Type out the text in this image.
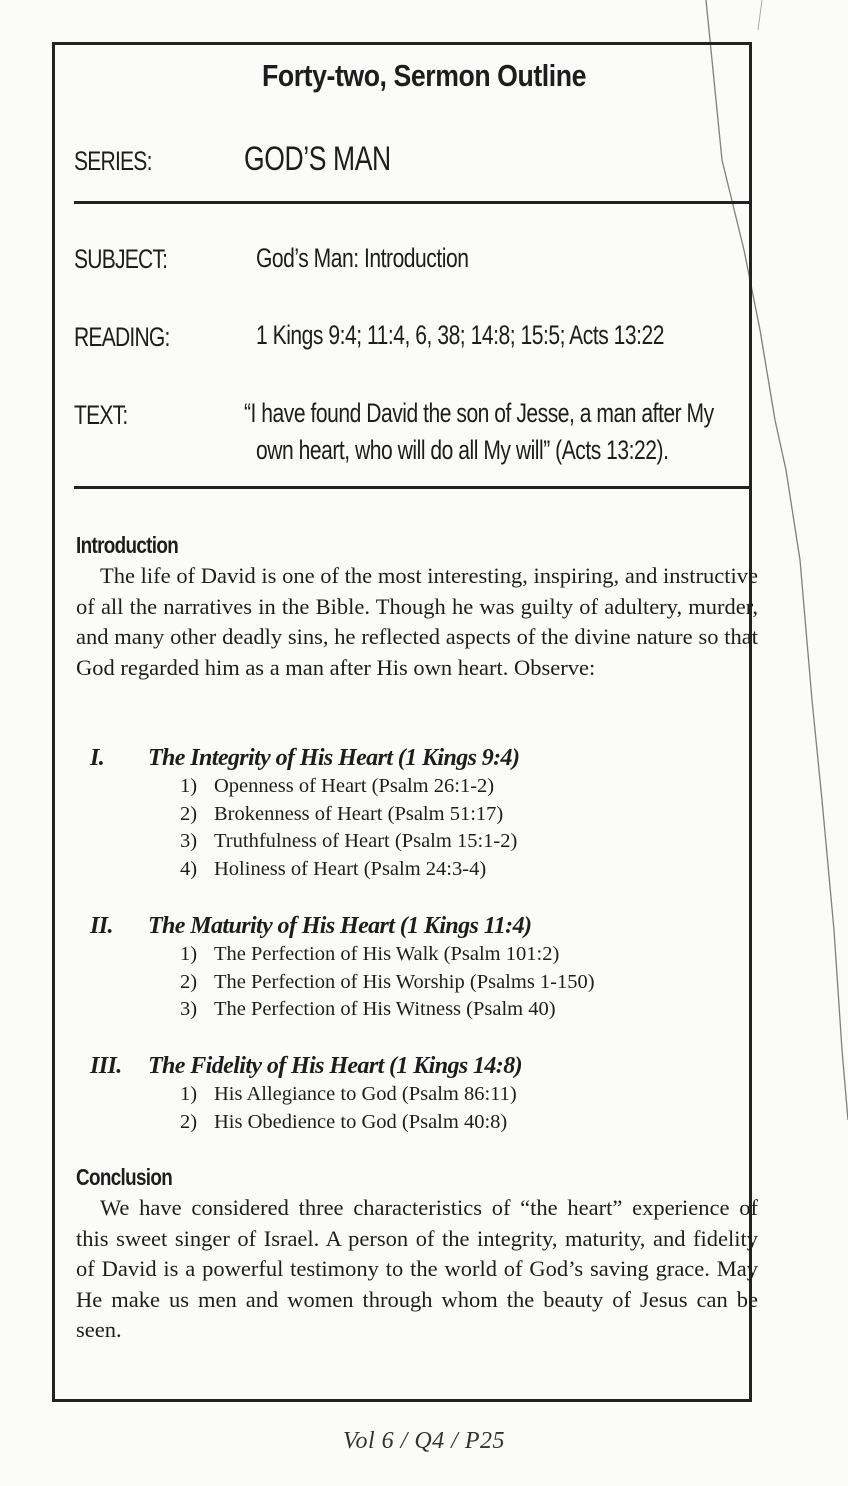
Forty-two, Sermon Outline
SERIES:	GOD’S MAN
SUBJECT:	God’s Man: Introduction
READING:	1 Kings 9:4; 11:4, 6, 38; 14:8; 15:5; Acts 13:22
TEXT:	“I have found David the son of Jesse, a man after My
own heart, who will do all My will” (Acts 13:22).
Introduction

The life of David is one of the most interesting, inspiring, and instructive of all the narratives in the Bible. Though he was guilty of adultery, murder, and many other deadly sins, he reflected aspects of the divine nature so that God regarded him as a man after His own heart. Observe:

I. The Integrity of His Heart (1 Kings 9:4)
1) Openness of Heart (Psalm 26:1-2)
2) Brokenness of Heart (Psalm 51:17)
3) Truthfulness of Heart (Psalm 15:1-2)
4) Holiness of Heart (Psalm 24:3-4)
II. The Maturity of His Heart (1 Kings 11:4)
1) The Perfection of His Walk (Psalm 101:2)
2) The Perfection of His Worship (Psalms 1-150)
3) The Perfection of His Witness (Psalm 40)
III. The Fidelity of His Heart (1 Kings 14:8)
1) His Allegiance to God (Psalm 86:11)
2) His Obedience to God (Psalm 40:8)
Conclusion

We have considered three characteristics of “the heart” experience of this sweet singer of Israel. A person of the integrity, maturity, and fidelity of David is a powerful testimony to the world of God’s saving grace. May He make us men and women through whom the beauty of Jesus can be seen.

Vol 6 / Q4 / P25
